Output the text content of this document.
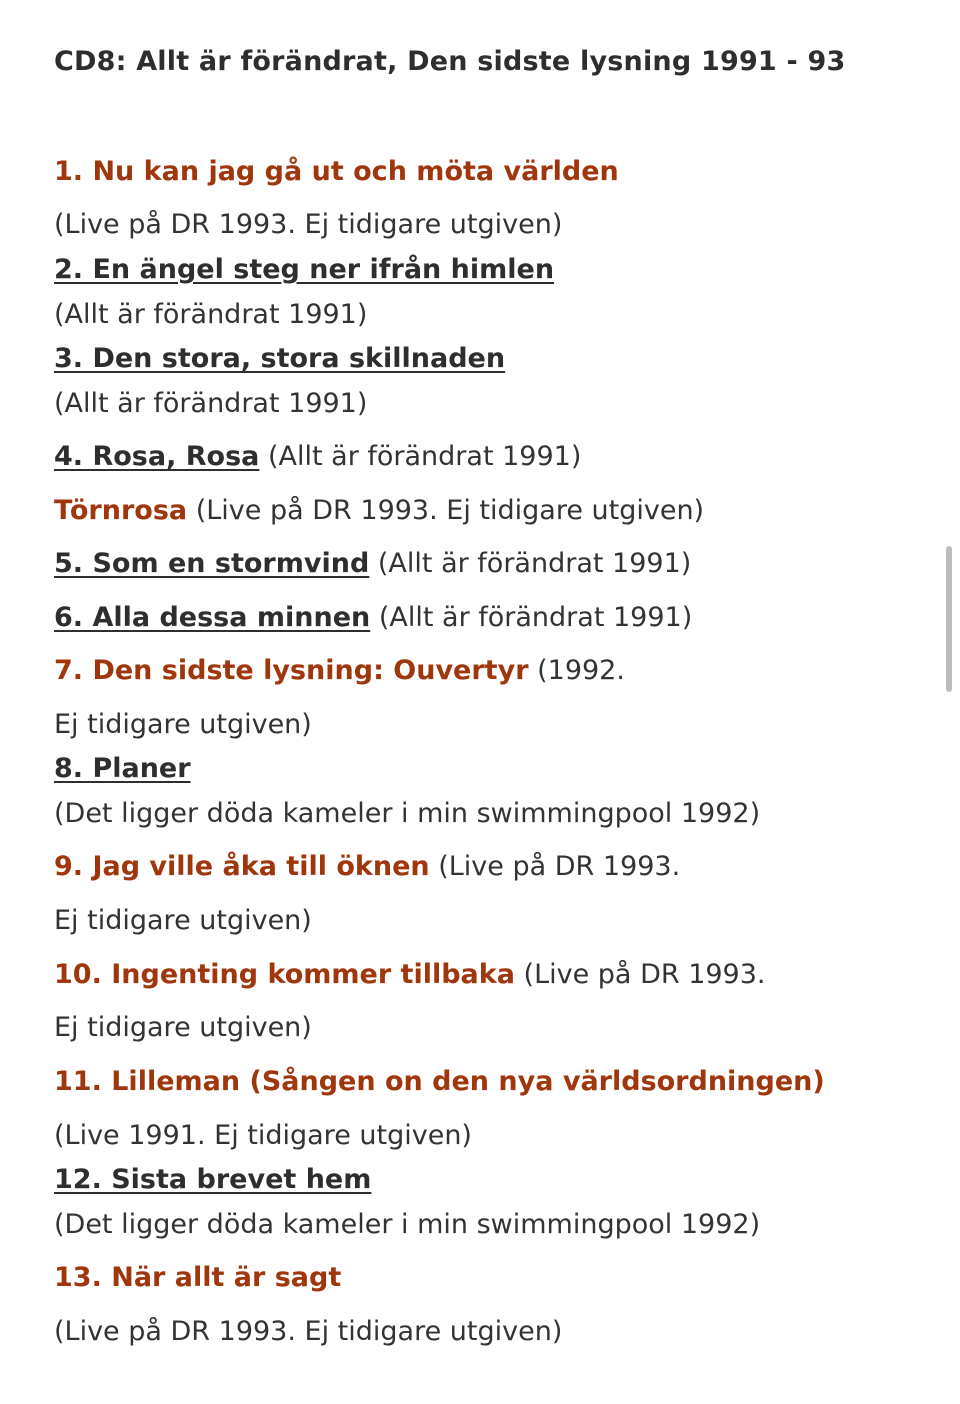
CD8: Allt är förändrat, Den sidste lysning 1991 - 93
1. Nu kan jag gå ut och möta världen
(Live på DR 1993. Ej tidigare utgiven)
2. En ängel steg ner ifrån himlen
(Allt är förändrat 1991)
3. Den stora, stora skillnaden
(Allt är förändrat 1991)
4. Rosa, Rosa (Allt är förändrat 1991)
Törnrosa (Live på DR 1993. Ej tidigare utgiven)
5. Som en stormvind (Allt är förändrat 1991)
6. Alla dessa minnen (Allt är förändrat 1991)
7. Den sidste lysning: Ouvertyr (1992.
Ej tidigare utgiven)
8. Planer
(Det ligger döda kameler i min swimmingpool 1992)
9. Jag ville åka till öknen (Live på DR 1993.
Ej tidigare utgiven)
10. Ingenting kommer tillbaka (Live på DR 1993.
Ej tidigare utgiven)
11. Lilleman (Sången on den nya världsordningen)
(Live 1991. Ej tidigare utgiven)
12. Sista brevet hem
(Det ligger döda kameler i min swimmingpool 1992)
13. När allt är sagt
(Live på DR 1993. Ej tidigare utgiven)
